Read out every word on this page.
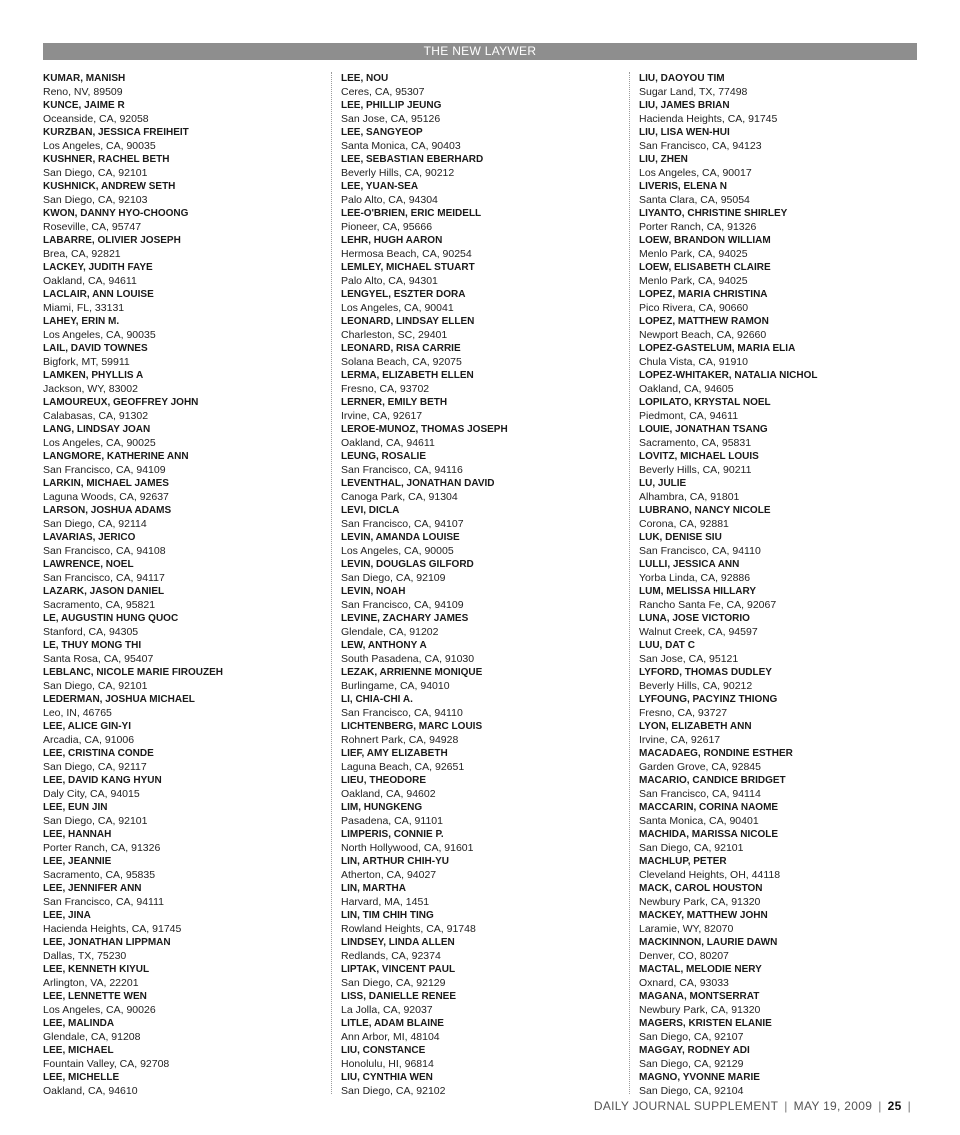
THE NEW LAYWER
KUMAR, MANISH
Reno, NV, 89509
KUNCE, JAIME R
Oceanside, CA, 92058
KURZBAN, JESSICA FREIHEIT
Los Angeles, CA, 90035
KUSHNER, RACHEL BETH
San Diego, CA, 92101
KUSHNICK, ANDREW SETH
San Diego, CA, 92103
KWON, DANNY HYO-CHOONG
Roseville, CA, 95747
LABARRE, OLIVIER JOSEPH
Brea, CA, 92821
LACKEY, JUDITH FAYE
Oakland, CA, 94611
LACLAIR, ANN LOUISE
Miami, FL, 33131
LAHEY, ERIN M.
Los Angeles, CA, 90035
LAIL, DAVID TOWNES
Bigfork, MT, 59911
LAMKEN, PHYLLIS A
Jackson, WY, 83002
LAMOUREUX, GEOFFREY JOHN
Calabasas, CA, 91302
LANG, LINDSAY JOAN
Los Angeles, CA, 90025
LANGMORE, KATHERINE ANN
San Francisco, CA, 94109
LARKIN, MICHAEL JAMES
Laguna Woods, CA, 92637
LARSON, JOSHUA ADAMS
San Diego, CA, 92114
LAVARIAS, JERICO
San Francisco, CA, 94108
LAWRENCE, NOEL
San Francisco, CA, 94117
LAZARK, JASON DANIEL
Sacramento, CA, 95821
LE, AUGUSTIN HUNG QUOC
Stanford, CA, 94305
LE, THUY MONG THI
Santa Rosa, CA, 95407
LEBLANC, NICOLE MARIE FIROUZEH
San Diego, CA, 92101
LEDERMAN, JOSHUA MICHAEL
Leo, IN, 46765
LEE, ALICE GIN-YI
Arcadia, CA, 91006
LEE, CRISTINA CONDE
San Diego, CA, 92117
LEE, DAVID KANG HYUN
Daly City, CA, 94015
LEE, EUN JIN
San Diego, CA, 92101
LEE, HANNAH
Porter Ranch, CA, 91326
LEE, JEANNIE
Sacramento, CA, 95835
LEE, JENNIFER ANN
San Francisco, CA, 94111
LEE, JINA
Hacienda Heights, CA, 91745
LEE, JONATHAN LIPPMAN
Dallas, TX, 75230
LEE, KENNETH KIYUL
Arlington, VA, 22201
LEE, LENNETTE WEN
Los Angeles, CA, 90026
LEE, MALINDA
Glendale, CA, 91208
LEE, MICHAEL
Fountain Valley, CA, 92708
LEE, MICHELLE
Oakland, CA, 94610
LEE, NOU
Ceres, CA, 95307
LEE, PHILLIP JEUNG
San Jose, CA, 95126
LEE, SANGYEOP
Santa Monica, CA, 90403
LEE, SEBASTIAN EBERHARD
Beverly Hills, CA, 90212
LEE, YUAN-SEA
Palo Alto, CA, 94304
LEE-O'BRIEN, ERIC MEIDELL
Pioneer, CA, 95666
LEHR, HUGH AARON
Hermosa Beach, CA, 90254
LEMLEY, MICHAEL STUART
Palo Alto, CA, 94301
LENGYEL, ESZTER DORA
Los Angeles, CA, 90041
LEONARD, LINDSAY ELLEN
Charleston, SC, 29401
LEONARD, RISA CARRIE
Solana Beach, CA, 92075
LERMA, ELIZABETH ELLEN
Fresno, CA, 93702
LERNER, EMILY BETH
Irvine, CA, 92617
LEROE-MUNOZ, THOMAS JOSEPH
Oakland, CA, 94611
LEUNG, ROSALIE
San Francisco, CA, 94116
LEVENTHAL, JONATHAN DAVID
Canoga Park, CA, 91304
LEVI, DICLA
San Francisco, CA, 94107
LEVIN, AMANDA LOUISE
Los Angeles, CA, 90005
LEVIN, DOUGLAS GILFORD
San Diego, CA, 92109
LEVIN, NOAH
San Francisco, CA, 94109
LEVINE, ZACHARY JAMES
Glendale, CA, 91202
LEW, ANTHONY A
South Pasadena, CA, 91030
LEZAK, ARRIENNE MONIQUE
Burlingame, CA, 94010
LI, CHIA-CHI A.
San Francisco, CA, 94110
LICHTENBERG, MARC LOUIS
Rohnert Park, CA, 94928
LIEF, AMY ELIZABETH
Laguna Beach, CA, 92651
LIEU, THEODORE
Oakland, CA, 94602
LIM, HUNGKENG
Pasadena, CA, 91101
LIMPERIS, CONNIE P.
North Hollywood, CA, 91601
LIN, ARTHUR CHIH-YU
Atherton, CA, 94027
LIN, MARTHA
Harvard, MA, 1451
LIN, TIM CHIH TING
Rowland Heights, CA, 91748
LINDSEY, LINDA ALLEN
Redlands, CA, 92374
LIPTAK, VINCENT PAUL
San Diego, CA, 92129
LISS, DANIELLE RENEE
La Jolla, CA, 92037
LITLE, ADAM BLAINE
Ann Arbor, MI, 48104
LIU, CONSTANCE
Honolulu, HI, 96814
LIU, CYNTHIA WEN
San Diego, CA, 92102
LIU, DAOYOU TIM
Sugar Land, TX, 77498
LIU, JAMES BRIAN
Hacienda Heights, CA, 91745
LIU, LISA WEN-HUI
San Francisco, CA, 94123
LIU, ZHEN
Los Angeles, CA, 90017
LIVERIS, ELENA N
Santa Clara, CA, 95054
LIYANTO, CHRISTINE SHIRLEY
Porter Ranch, CA, 91326
LOEW, BRANDON WILLIAM
Menlo Park, CA, 94025
LOEW, ELISABETH CLAIRE
Menlo Park, CA, 94025
LOPEZ, MARIA CHRISTINA
Pico Rivera, CA, 90660
LOPEZ, MATTHEW RAMON
Newport Beach, CA, 92660
LOPEZ-GASTELUM, MARIA ELIA
Chula Vista, CA, 91910
LOPEZ-WHITAKER, NATALIA NICHOL
Oakland, CA, 94605
LOPILATO, KRYSTAL NOEL
Piedmont, CA, 94611
LOUIE, JONATHAN TSANG
Sacramento, CA, 95831
LOVITZ, MICHAEL LOUIS
Beverly Hills, CA, 90211
LU, JULIE
Alhambra, CA, 91801
LUBRANO, NANCY NICOLE
Corona, CA, 92881
LUK, DENISE SIU
San Francisco, CA, 94110
LULLI, JESSICA ANN
Yorba Linda, CA, 92886
LUM, MELISSA HILLARY
Rancho Santa Fe, CA, 92067
LUNA, JOSE VICTORIO
Walnut Creek, CA, 94597
LUU, DAT C
San Jose, CA, 95121
LYFORD, THOMAS DUDLEY
Beverly Hills, CA, 90212
LYFOUNG, PACYINZ THIONG
Fresno, CA, 93727
LYON, ELIZABETH ANN
Irvine, CA, 92617
MACADAEG, RONDINE ESTHER
Garden Grove, CA, 92845
MACARIO, CANDICE BRIDGET
San Francisco, CA, 94114
MACCARIN, CORINA NAOME
Santa Monica, CA, 90401
MACHIDA, MARISSA NICOLE
San Diego, CA, 92101
MACHLUP, PETER
Cleveland Heights, OH, 44118
MACK, CAROL HOUSTON
Newbury Park, CA, 91320
MACKEY, MATTHEW JOHN
Laramie, WY, 82070
MACKINNON, LAURIE DAWN
Denver, CO, 80207
MACTAL, MELODIE NERY
Oxnard, CA, 93033
MAGANA, MONTSERRAT
Newbury Park, CA, 91320
MAGERS, KRISTEN ELANIE
San Diego, CA, 92107
MAGGAY, RODNEY ADI
San Diego, CA, 92129
MAGNO, YVONNE MARIE
San Diego, CA, 92104
DAILY JOURNAL SUPPLEMENT | MAY 19, 2009 | 25 |
